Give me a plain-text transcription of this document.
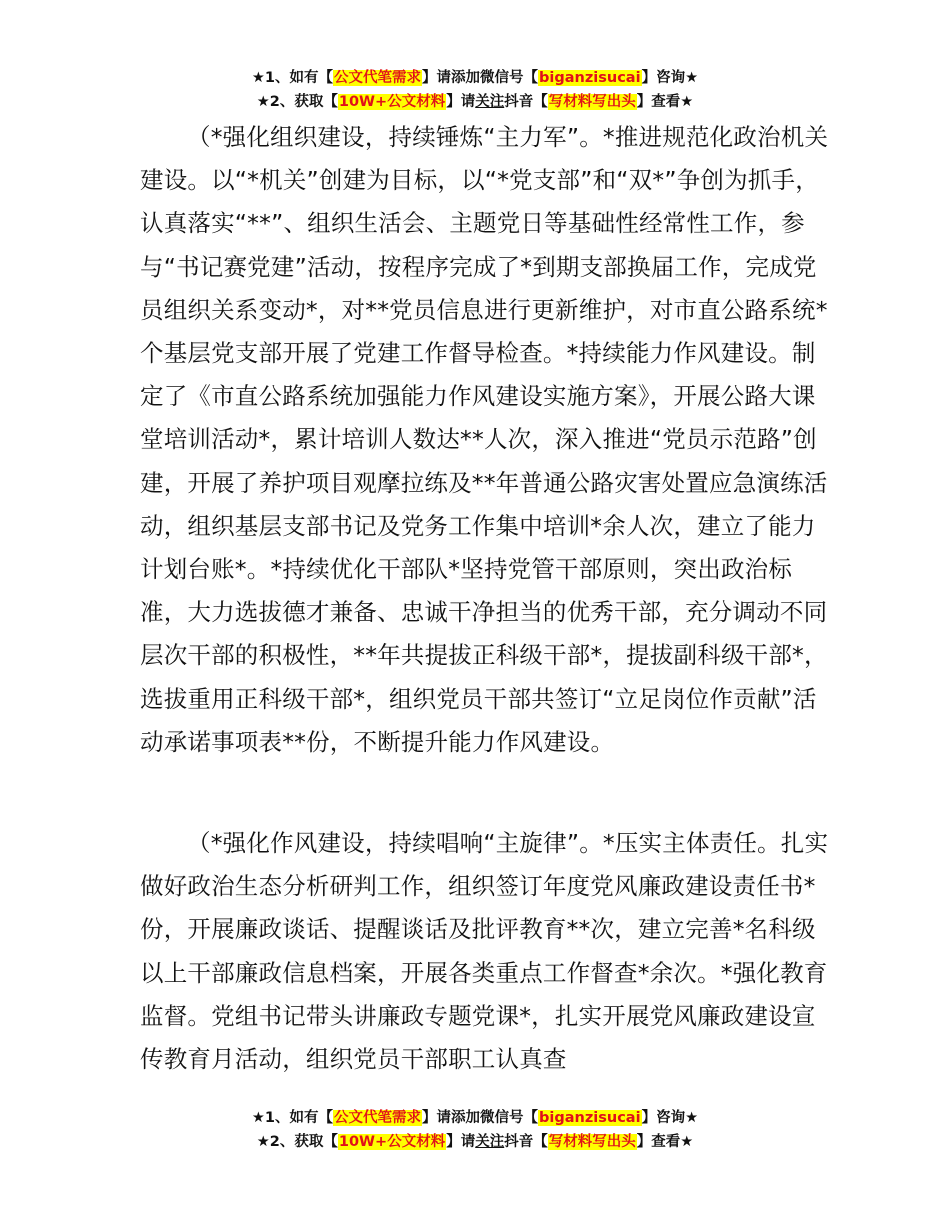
★1、如有【公文代笔需求】请添加微信号【biganzisucai】咨询★
★2、获取【10W+公文材料】请关注抖音【写材料写出头】查看★

（*强化组织建设，持续锤炼“主力军”。*推进规范化政治机关建设。以“*机关”创建为目标，以“*党支部”和“双*”争创为抓手，认真落实“**”、组织生活会、主题党日等基础性经常性工作，参与“书记赛党建”活动，按程序完成了*到期支部换届工作，完成党员组织关系变动*，对**党员信息进行更新维护，对市直公路系统*个基层党支部开展了党建工作督导检查。*持续能力作风建设。制定了《市直公路系统加强能力作风建设实施方案》，开展公路大课堂培训活动*，累计培训人数达**人次，深入推进“党员示范路”创建，开展了养护项目观摩拉练及**年普通公路灾害处置应急演练活动，组织基层支部书记及党务工作集中培训*余人次，建立了能力计划台账*。*持续优化干部队*坚持党管干部原则，突出政治标准，大力选拔德才兼备、忠诚干净担当的优秀干部，充分调动不同层次干部的积极性，**年共提拔正科级干部*，提拔副科级干部*，选拔重用正科级干部*，组织党员干部共签订“立足岗位作贡献”活动承诺事项表**份，不断提升能力作风建设。

（*强化作风建设，持续唱响“主旋律”。*压实主体责任。扎实做好政治生态分析研判工作，组织签订年度党风廉政建设责任书*份，开展廉政谈话、提醒谈话及批评教育**次，建立完善*名科级以上干部廉政信息档案，开展各类重点工作督查*余次。*强化教育监督。党组书记带头讲廉政专题党课*，扎实开展党风廉政建设宣传教育月活动，组织党员干部职工认真查

★1、如有【公文代笔需求】请添加微信号【biganzisucai】咨询★
★2、获取【10W+公文材料】请关注抖音【写材料写出头】查看★
